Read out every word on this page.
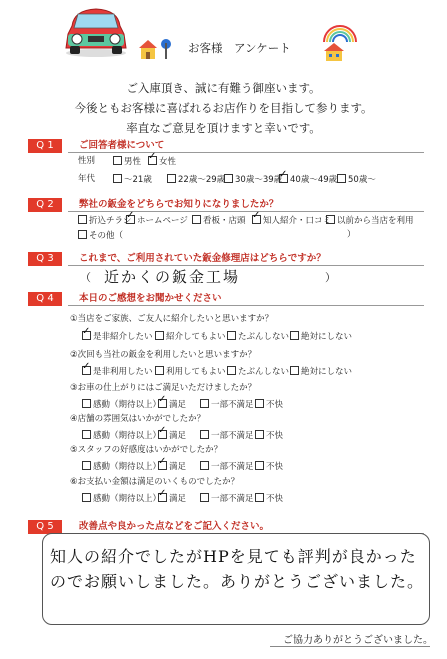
お客様　アンケート
ご入庫頂き、誠に有難う御座います。
今後ともお客様に喜ばれるお店作りを目指して参ります。
率直なご意見を頂けますと幸いです。
Q 1	ご回答者様について
性別	男性 ✓	女性
年代	～21歳	22歳～29歳	30歳～39歳 ✓ 40歳～49歳	50歳～
Q 2	弊社の鈑金をどちらでお知りになりましたか？
折込チラシ ✓ ホームページ	看板・店頭 ✓	知人紹介・口コミ 以前から当店を利用
その他（	）
Q 3	これまで、ご利用されていた鈑金修理店はどちらですか？
（ 近かくの鈑金工場	）
Q 4	本日のご感想をお聞かせください
①当店をご家族、ご友人に紹介したいと思いますか？
✓是非紹介したい	紹介してもよい	たぶんしない	絶対にしない
②次回も当社の鈑金を利用したいと思いますか？
✓是非利用したい	利用してもよい	たぶんしない	絶対にしない
③お車の仕上がりにはご満足いただけましたか？
感動（期待以上） ✓ 満足	一部不満足	不快
④店舗の雰囲気はいかがでしたか？
感動（期待以上） ✓ 満足	一部不満足	不快
⑤スタッフの好感度はいかがでしたか？
感動（期待以上） ✓ 満足	一部不満足	不快
⑥お支払い金額は満足のいくものでしたか？
感動（期待以上） ✓ 満足	一部不満足	不快
Q 5	改善点や良かった点などをご記入ください。
知人の紹介でしたがHPを見ても評判が良かった
のでお願いしました。ありがとうございました。
ご協力ありがとうございました。
